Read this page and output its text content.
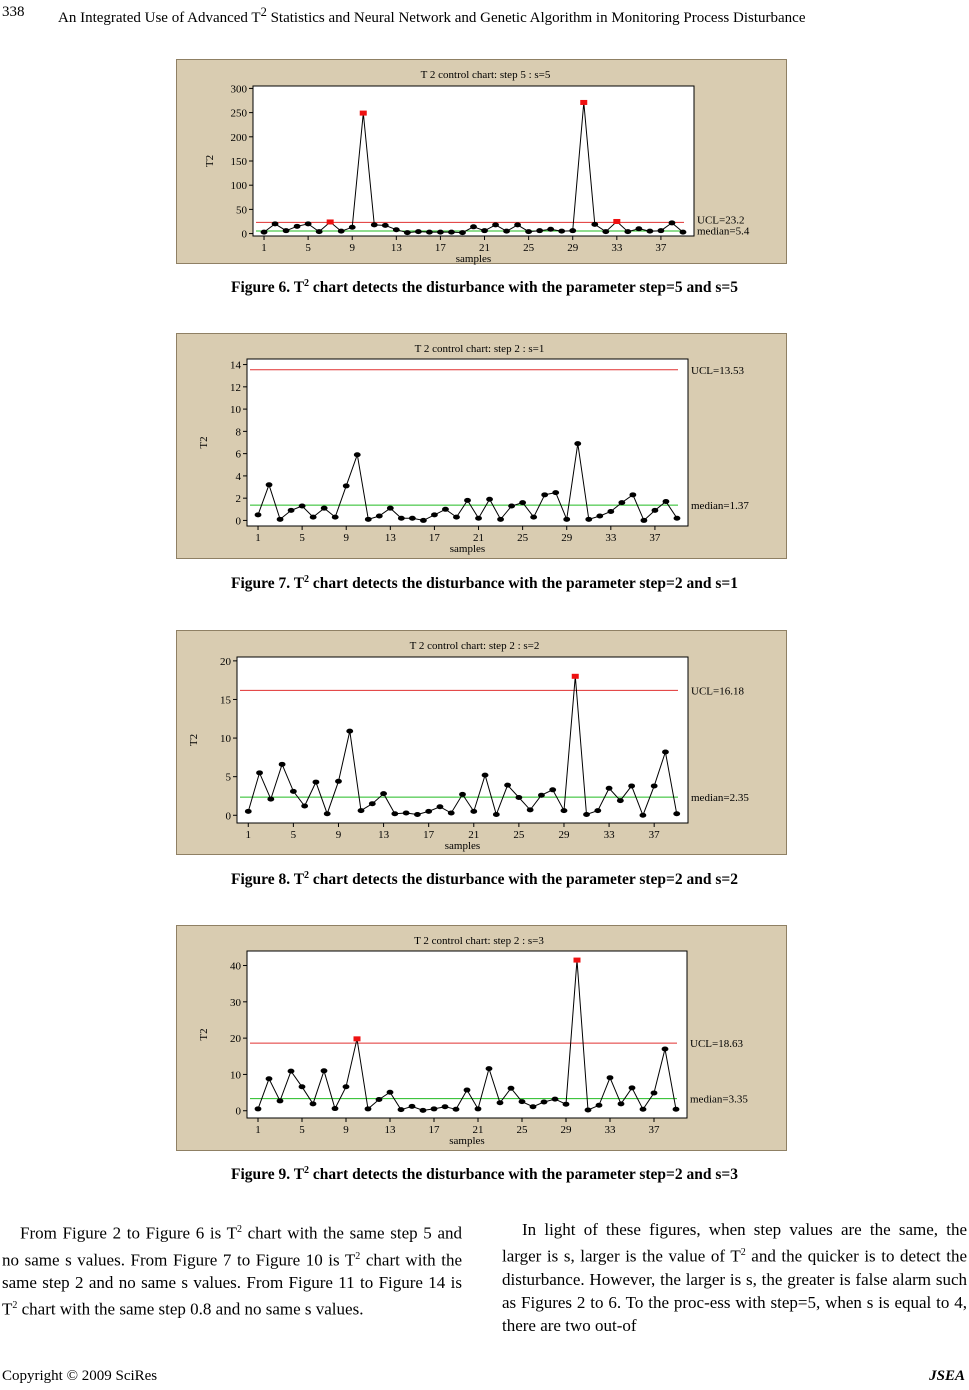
338 An Integrated Use of Advanced $T^2$ Statistics and Neural Network and Genetic Algorithm in Monitoring Process Disturbance
T 2 control chart: step 5 : s=5
0
50
100
150
200
250
300
1	5	9	13	17	21	25	29	33	37
samples
T2
UCL=23.2
median=5.4
Figure 6. $T^2$ chart detects the disturbance with the parameter step=5 and s=5
T 2 control chart: step 2 : s=1
0
2
4
6
8
10
12
14
1	5	9	13	17	21	25	29	33	37
samples
T2
UCL=13.53
median=1.37
Figure 7. $T^2$ chart detects the disturbance with the parameter step=2 and s=1
T 2 control chart: step 2 : s=2
0
5
10
15
20
1	5	9	13	17	21	25	29	33	37
samples
T2
UCL=16.18
median=2.35
Figure 8. $T^2$ chart detects the disturbance with the parameter step=2 and s=2
T 2 control chart: step 2 : s=3
0
10
20
30
40
1	5	9	13	17	21	25	29	33	37
samples
T2
UCL=18.63
median=3.35
Figure 9. $T^2$ chart detects the disturbance with the parameter step=2 and s=3
From Figure 2 to Figure 6 is $T^2$ chart with the same step 5 and no same s values. From Figure 7 to Figure 10 is $T^2$ chart with the same step 2 and no same s values. From Figure 11 to Figure 14 is $T^2$ chart with the same step 0.8 and no same s values.
In light of these figures, when step values are the same, the larger is s, larger is the value of $T^2$ and the quicker is to detect the disturbance. However, the larger is s, the greater is false alarm such as Figures 2 to 6. To the proc-ess with step=5, when s is equal to 4, there are two out-of
Copyright © 2009 SciRes	JSEA
